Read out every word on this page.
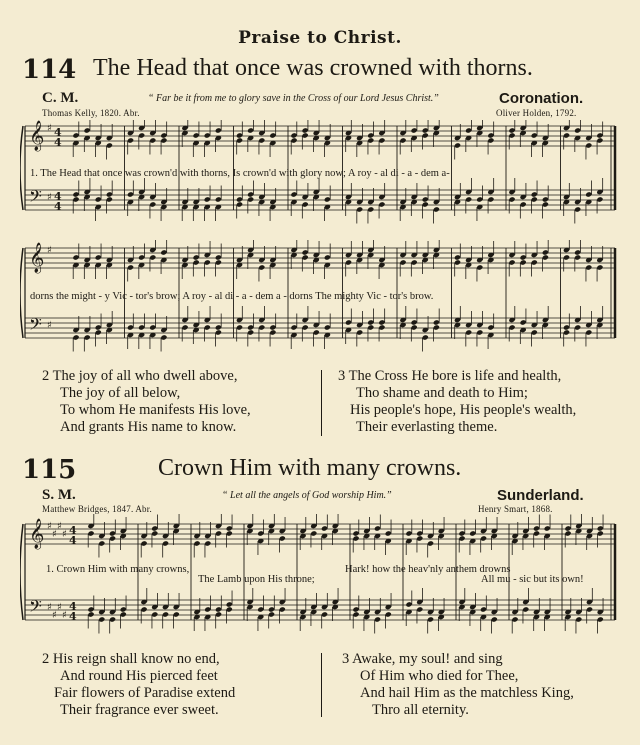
Praise to Christ.
114 The Head that once was crowned with thorns.
C. M.	“ Far be it from me to glory save in the Cross of our Lord Jesus Christ.”	Coronation.
Thomas Kelly, 1820. Abr.	Oliver Holden, 1792.
𝄞
𝄢
♯
♯
4
4
4
4
1. The Head that once was crown'd with thorns, Is crown'd with glory now; A roy - al di - a - dem a-
𝄞
𝄢
♯
♯
dorns the might - y Vic - tor's brow; A roy - al di - a - dem a - dorns The mighty Vic - tor's brow.
2 The joy of all who dwell above,
The joy of all below,
To whom He manifests His love,
And grants His name to know.
3 The Cross He bore is life and health,
Tho shame and death to Him;
His people's hope, His people's wealth,
Their everlasting theme.
115	Crown Him with many crowns.
S. M.	“ Let all the angels of God worship Him.”	Sunderland.
Matthew Bridges, 1847. Abr.	Henry Smart, 1868.
𝄞
𝄢
♯
♯
♯
♯
♯
♯
♯
♯
4
4
4
4
1. Crown Him with many crowns,
The Lamb upon His throne;
Hark! how the heav'nly anthem drowns
All mu - sic but its own!
2 His reign shall know no end,
And round His pierced feet
Fair flowers of Paradise extend
Their fragrance ever sweet.
3 Awake, my soul! and sing
Of Him who died for Thee,
And hail Him as the matchless King,
Thro all eternity.
